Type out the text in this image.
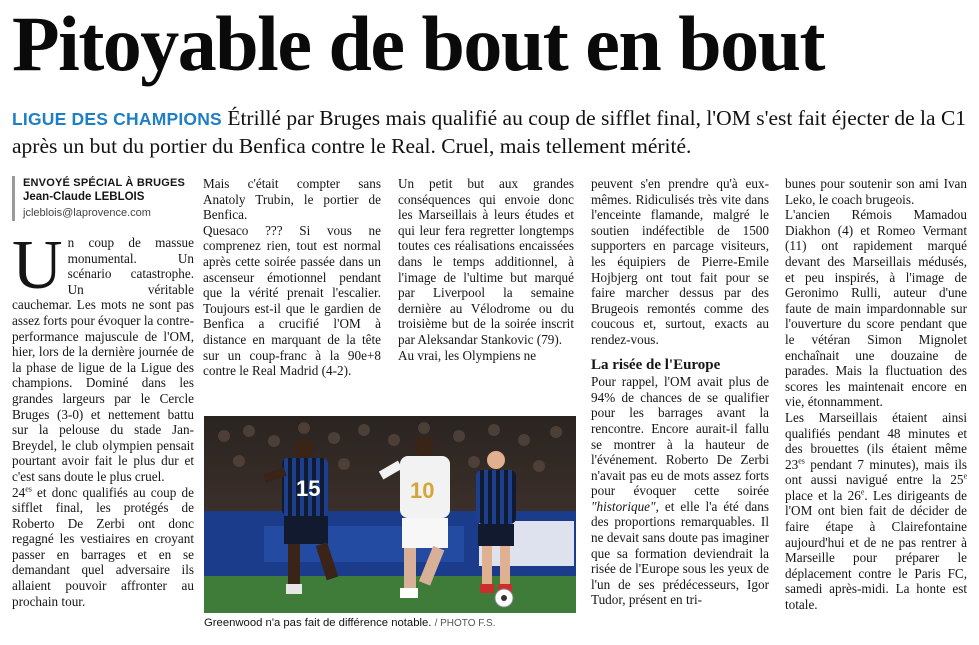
Pitoyable de bout en bout
LIGUE DES CHAMPIONS Étrillé par Bruges mais qualifié au coup de sifflet final, l'OM s'est fait éjecter de la C1 après un but du portier du Benfica contre le Real. Cruel, mais tellement mérité.
ENVOYÉ SPÉCIAL À BRUGES
Jean-Claude LEBLOIS
jcleblois@laprovence.com

Un coup de massue monumental. Un scénario catastrophe. Un véritable cauchemar. Les mots ne sont pas assez forts pour évoquer la contre-performance majuscule de l'OM, hier, lors de la dernière journée de la phase de ligue de la Ligue des champions. Dominé dans les grandes largeurs par le Cercle Bruges (3-0) et nettement battu sur la pelouse du stade Jan-Breydel, le club olympien pensait pourtant avoir fait le plus dur et c'est sans doute le plus cruel.

$24^{es}$ et donc qualifiés au coup de sifflet final, les protégés de Roberto De Zerbi ont donc regagné les vestiaires en croyant passer en barrages et en se demandant quel adversaire ils allaient pouvoir affronter au prochain tour.

Mais c'était compter sans Anatoly Trubin, le portier de Benfica.

Quesaco ??? Si vous ne comprenez rien, tout est normal après cette soirée passée dans un ascenseur émotionnel pendant que la vérité prenait l'escalier. Toujours est-il que le gardien de Benfica a crucifié l'OM à distance en marquant de la tête sur un coup-franc à la 90e+8 contre le Real Madrid (4-2).

Un petit but aux grandes conséquences qui envoie donc les Marseillais à leurs études et qui leur fera regretter longtemps toutes ces réalisations encaissées dans le temps additionnel, à l'image de l'ultime but marqué par Liverpool la semaine dernière au Vélodrome ou du troisième but de la soirée inscrit par Aleksandar Stankovic (79).

Au vrai, les Olympiens ne

peuvent s'en prendre qu'à eux-mêmes. Ridiculisés très vite dans l'enceinte flamande, malgré le soutien indéfectible de 1500 supporters en parcage visiteurs, les équipiers de Pierre-Emile Hojbjerg ont tout fait pour se faire marcher dessus par des Brugeois remontés comme des coucous et, surtout, exacts au rendez-vous.

La risée de l'Europe

Pour rappel, l'OM avait plus de 94% de chances de se qualifier pour les barrages avant la rencontre. Encore aurait-il fallu se montrer à la hauteur de l'événement. Roberto De Zerbi n'avait pas eu de mots assez forts pour évoquer cette soirée "historique", et elle l'a été dans des proportions remarquables. Il ne devait sans doute pas imaginer que sa formation deviendrait la risée de l'Europe sous les yeux de l'un de ses prédécesseurs, Igor Tudor, présent en tri-

bunes pour soutenir son ami Ivan Leko, le coach brugeois.

L'ancien Rémois Mamadou Diakhon (4) et Romeo Vermant (11) ont rapidement marqué devant des Marseillais médusés, et peu inspirés, à l'image de Geronimo Rulli, auteur d'une faute de main impardonnable sur l'ouverture du score pendant que le vétéran Simon Mignolet enchaînait une douzaine de parades. Mais la fluctuation des scores les maintenait encore en vie, étonnamment.

Les Marseillais étaient ainsi qualifiés pendant 48 minutes et des brouettes (ils étaient même $23^{es}$ pendant 7 minutes), mais ils ont aussi navigué entre la 25e place et la 26e. Les dirigeants de l'OM ont bien fait de décider de faire étape à Clairefontaine aujourd'hui et de ne pas rentrer à Marseille pour préparer le déplacement contre le Paris FC, samedi après-midi. La honte est totale.

15	10
Greenwood n'a pas fait de différence notable. / PHOTO F.S.
